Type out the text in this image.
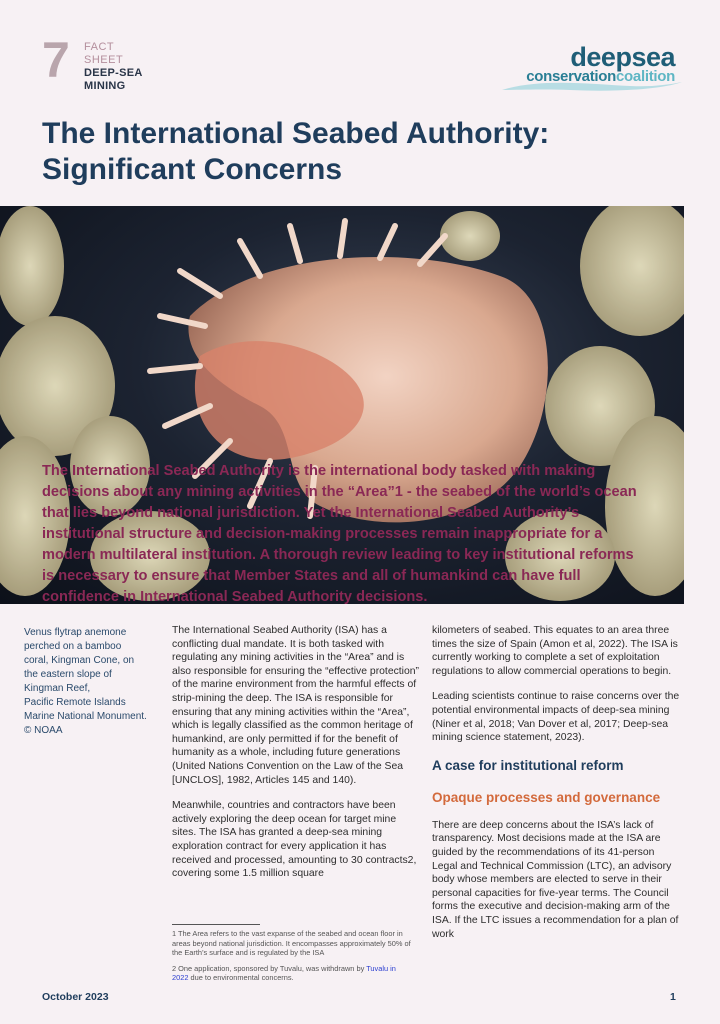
7	FACT
SHEET
DEEP-SEA
MINING
deepsea
conservationcoalition
The International Seabed Authority: Significant Concerns

The International Seabed Authority is the international body tasked with making decisions about any mining activities in the “Area”1 - the seabed of the world’s ocean that lies beyond national jurisdiction. Yet the International Seabed Authority’s institutional structure and decision-making processes remain inappropriate for a modern multilateral institution. A thorough review leading to key institutional reforms is necessary to ensure that Member States and all of humankind can have full confidence in International Seabed Authority decisions.

Venus flytrap anemone
perched on a bamboo
coral, Kingman Cone, on
the eastern slope of
Kingman Reef,
Pacific Remote Islands
Marine National Monument.
© NOAA

The International Seabed Authority (ISA) has a conflicting dual mandate. It is both tasked with regulating any mining activities in the “Area” and is also responsible for ensuring the “effective protection” of the marine environment from the harmful effects of strip-mining the deep. The ISA is responsible for ensuring that any mining activities within the “Area”, which is legally classified as the common heritage of humankind, are only permitted if for the benefit of humanity as a whole, including future generations (United Nations Convention on the Law of the Sea [UNCLOS], 1982, Articles 145 and 140).

Meanwhile, countries and contractors have been actively exploring the deep ocean for target mine sites. The ISA has granted a deep-sea mining exploration contract for every application it has received and processed, amounting to 30 contracts2, covering some 1.5 million square

1 The Area refers to the vast expanse of the seabed and ocean floor in areas beyond national jurisdiction. It encompasses approximately 50% of the Earth’s surface and is regulated by the ISA

2 One application, sponsored by Tuvalu, was withdrawn by Tuvalu in 2022 due to environmental concerns.

kilometers of seabed. This equates to an area three times the size of Spain (Amon et al, 2022). The ISA is currently working to complete a set of exploitation regulations to allow commercial operations to begin.

Leading scientists continue to raise concerns over the potential environmental impacts of deep-sea mining (Niner et al, 2018; Van Dover et al, 2017; Deep-sea mining science statement, 2023).

A case for institutional reform
Opaque processes and governance

There are deep concerns about the ISA’s lack of transparency. Most decisions made at the ISA are guided by the recommendations of its 41-person Legal and Technical Commission (LTC), an advisory body whose members are elected to serve in their personal capacities for five-year terms. The Council forms the executive and decision-making arm of the ISA. If the LTC issues a recommendation for a plan of work

October 2023	1
